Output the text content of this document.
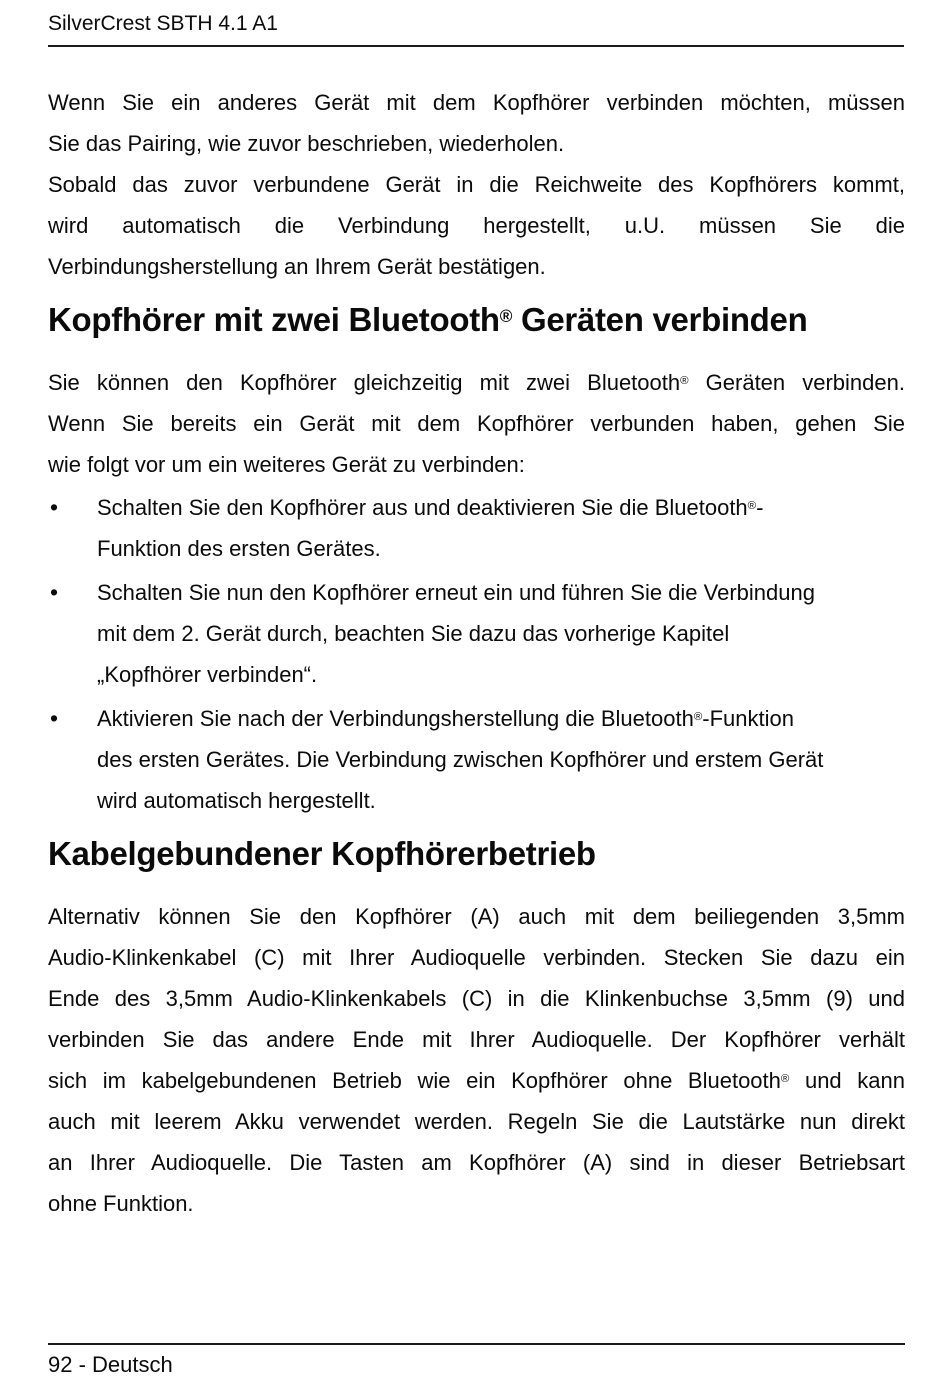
SilverCrest SBTH 4.1 A1
Wenn Sie ein anderes Gerät mit dem Kopfhörer verbinden möchten, müssen
Sie das Pairing, wie zuvor beschrieben, wiederholen.
Sobald das zuvor verbundene Gerät in die Reichweite des Kopfhörers kommt,
wird automatisch die Verbindung hergestellt, u.U. müssen Sie die
Verbindungsherstellung an Ihrem Gerät bestätigen.
Kopfhörer mit zwei Bluetooth® Geräten verbinden
Sie können den Kopfhörer gleichzeitig mit zwei Bluetooth® Geräten verbinden.
Wenn Sie bereits ein Gerät mit dem Kopfhörer verbunden haben, gehen Sie
wie folgt vor um ein weiteres Gerät zu verbinden:
•	Schalten Sie den Kopfhörer aus und deaktivieren Sie die Bluetooth®-
Funktion des ersten Gerätes.
•	Schalten Sie nun den Kopfhörer erneut ein und führen Sie die Verbindung
mit dem 2. Gerät durch, beachten Sie dazu das vorherige Kapitel
„Kopfhörer verbinden“.
•	Aktivieren Sie nach der Verbindungsherstellung die Bluetooth®-Funktion
des ersten Gerätes. Die Verbindung zwischen Kopfhörer und erstem Gerät
wird automatisch hergestellt.
Kabelgebundener Kopfhörerbetrieb
Alternativ können Sie den Kopfhörer (A) auch mit dem beiliegenden 3,5mm
Audio-Klinkenkabel (C) mit Ihrer Audioquelle verbinden. Stecken Sie dazu ein
Ende des 3,5mm Audio-Klinkenkabels (C) in die Klinkenbuchse 3,5mm (9) und
verbinden Sie das andere Ende mit Ihrer Audioquelle. Der Kopfhörer verhält
sich im kabelgebundenen Betrieb wie ein Kopfhörer ohne Bluetooth® und kann
auch mit leerem Akku verwendet werden. Regeln Sie die Lautstärke nun direkt
an Ihrer Audioquelle. Die Tasten am Kopfhörer (A) sind in dieser Betriebsart
ohne Funktion.
92 - Deutsch
